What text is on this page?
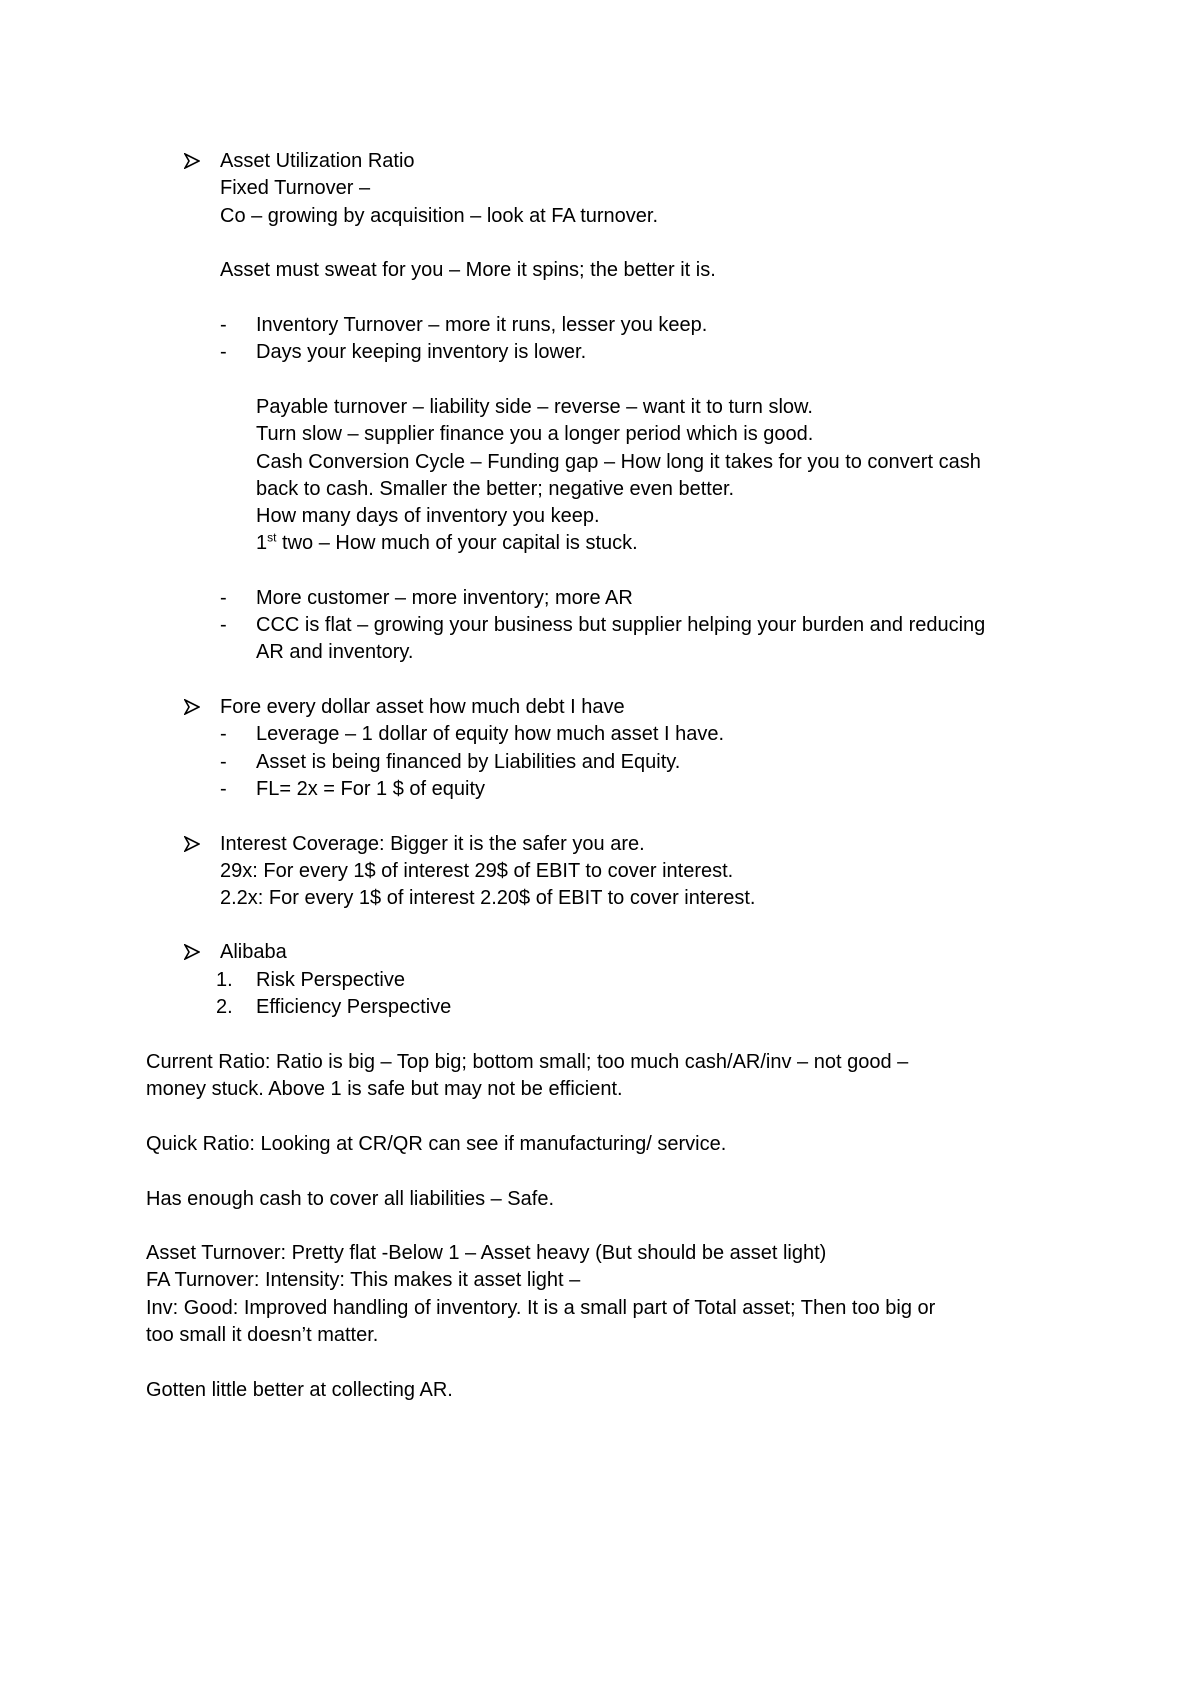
Asset Utilization Ratio
Fixed Turnover –
Co – growing by acquisition – look at FA turnover.
Asset must sweat for you – More it spins; the better it is.
- Inventory Turnover – more it runs, lesser you keep.
- Days your keeping inventory is lower.
Payable turnover – liability side – reverse – want it to turn slow.
Turn slow – supplier finance you a longer period which is good.
Cash Conversion Cycle – Funding gap – How long it takes for you to convert cash
back to cash. Smaller the better; negative even better.
How many days of inventory you keep.
1st two – How much of your capital is stuck.
- More customer – more inventory; more AR
- CCC is flat – growing your business but supplier helping your burden and reducing
AR and inventory.
Fore every dollar asset how much debt I have
- Leverage – 1 dollar of equity how much asset I have.
- Asset is being financed by Liabilities and Equity.
- FL= 2x = For 1 $ of equity
Interest Coverage: Bigger it is the safer you are.
29x: For every 1$ of interest 29$ of EBIT to cover interest.
2.2x: For every 1$ of interest 2.20$ of EBIT to cover interest.
Alibaba
1. Risk Perspective
2. Efficiency Perspective
Current Ratio: Ratio is big – Top big; bottom small; too much cash/AR/inv – not good –
money stuck. Above 1 is safe but may not be efficient.
Quick Ratio: Looking at CR/QR can see if manufacturing/ service.
Has enough cash to cover all liabilities – Safe.
Asset Turnover: Pretty flat -Below 1 – Asset heavy (But should be asset light)
FA Turnover: Intensity: This makes it asset light –
Inv: Good: Improved handling of inventory. It is a small part of Total asset; Then too big or
too small it doesn’t matter.
Gotten little better at collecting AR.
